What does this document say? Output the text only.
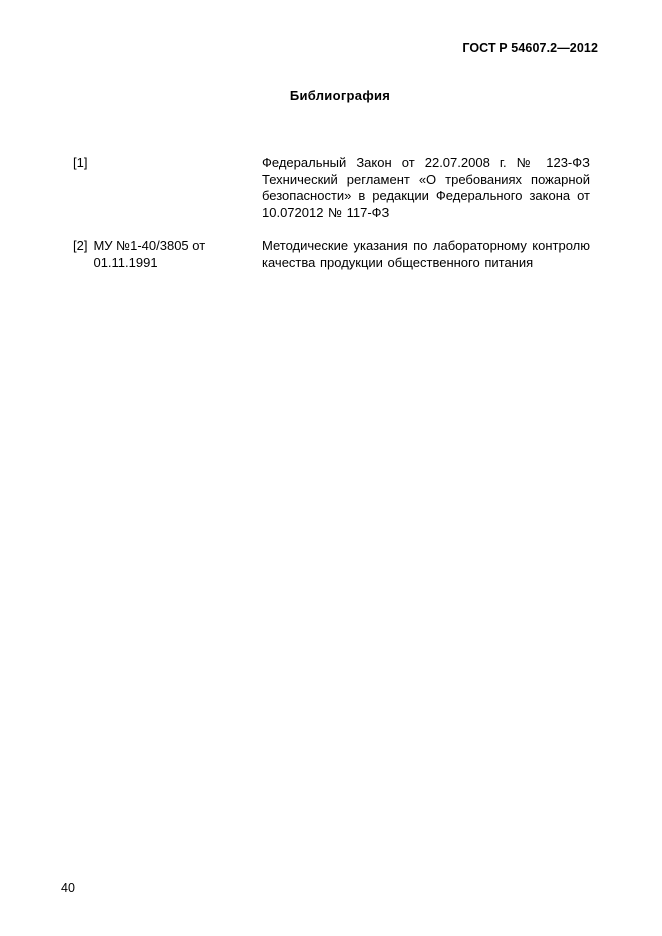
ГОСТ Р 54607.2—2012
Библиография
[1]	Федеральный Закон от 22.07.2008 г. № 123-ФЗ Технический регламент «О требованиях пожарной безопасности» в редакции Федерального закона от 10.072012 № 117-ФЗ
[2] МУ №1-40/3805 от 01.11.1991
Методические указания по лабораторному контролю качества продукции общественного питания
40
